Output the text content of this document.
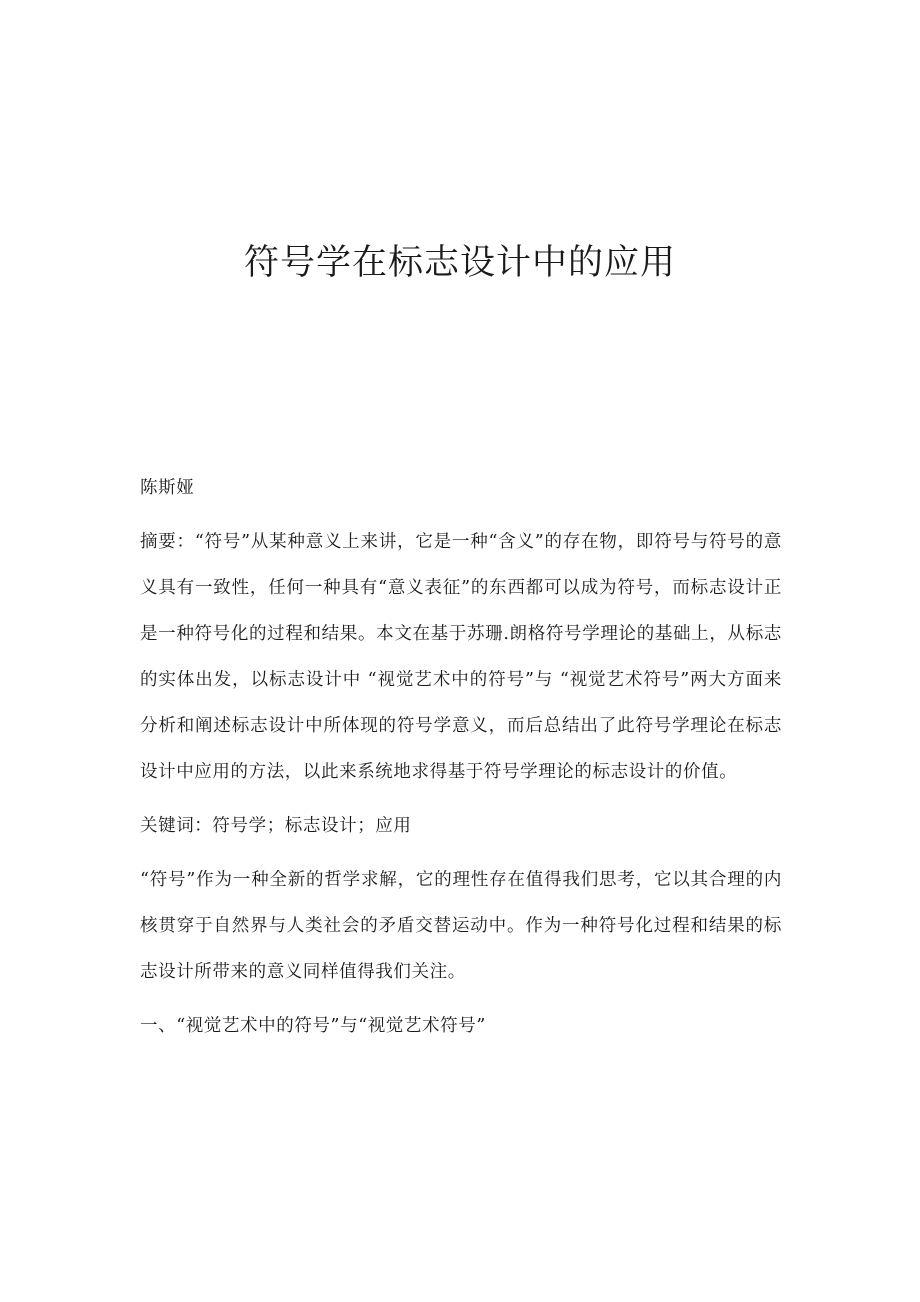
符号学在标志设计中的应用

陈斯娅

摘要：“符号”从某种意义上来讲，它是一种“含义”的存在物，即符号与符号的意义具有一致性，任何一种具有“意义表征”的东西都可以成为符号，而标志设计正是一种符号化的过程和结果。本文在基于苏珊.朗格符号学理论的基础上，从标志的实体出发，以标志设计中 “视觉艺术中的符号”与 “视觉艺术符号”两大方面来分析和阐述标志设计中所体现的符号学意义，而后总结出了此符号学理论在标志设计中应用的方法，以此来系统地求得基于符号学理论的标志设计的价值。

关键词：符号学；标志设计；应用

“符号”作为一种全新的哲学求解，它的理性存在值得我们思考，它以其合理的内核贯穿于自然界与人类社会的矛盾交替运动中。作为一种符号化过程和结果的标志设计所带来的意义同样值得我们关注。

一、“视觉艺术中的符号”与“视觉艺术符号”
